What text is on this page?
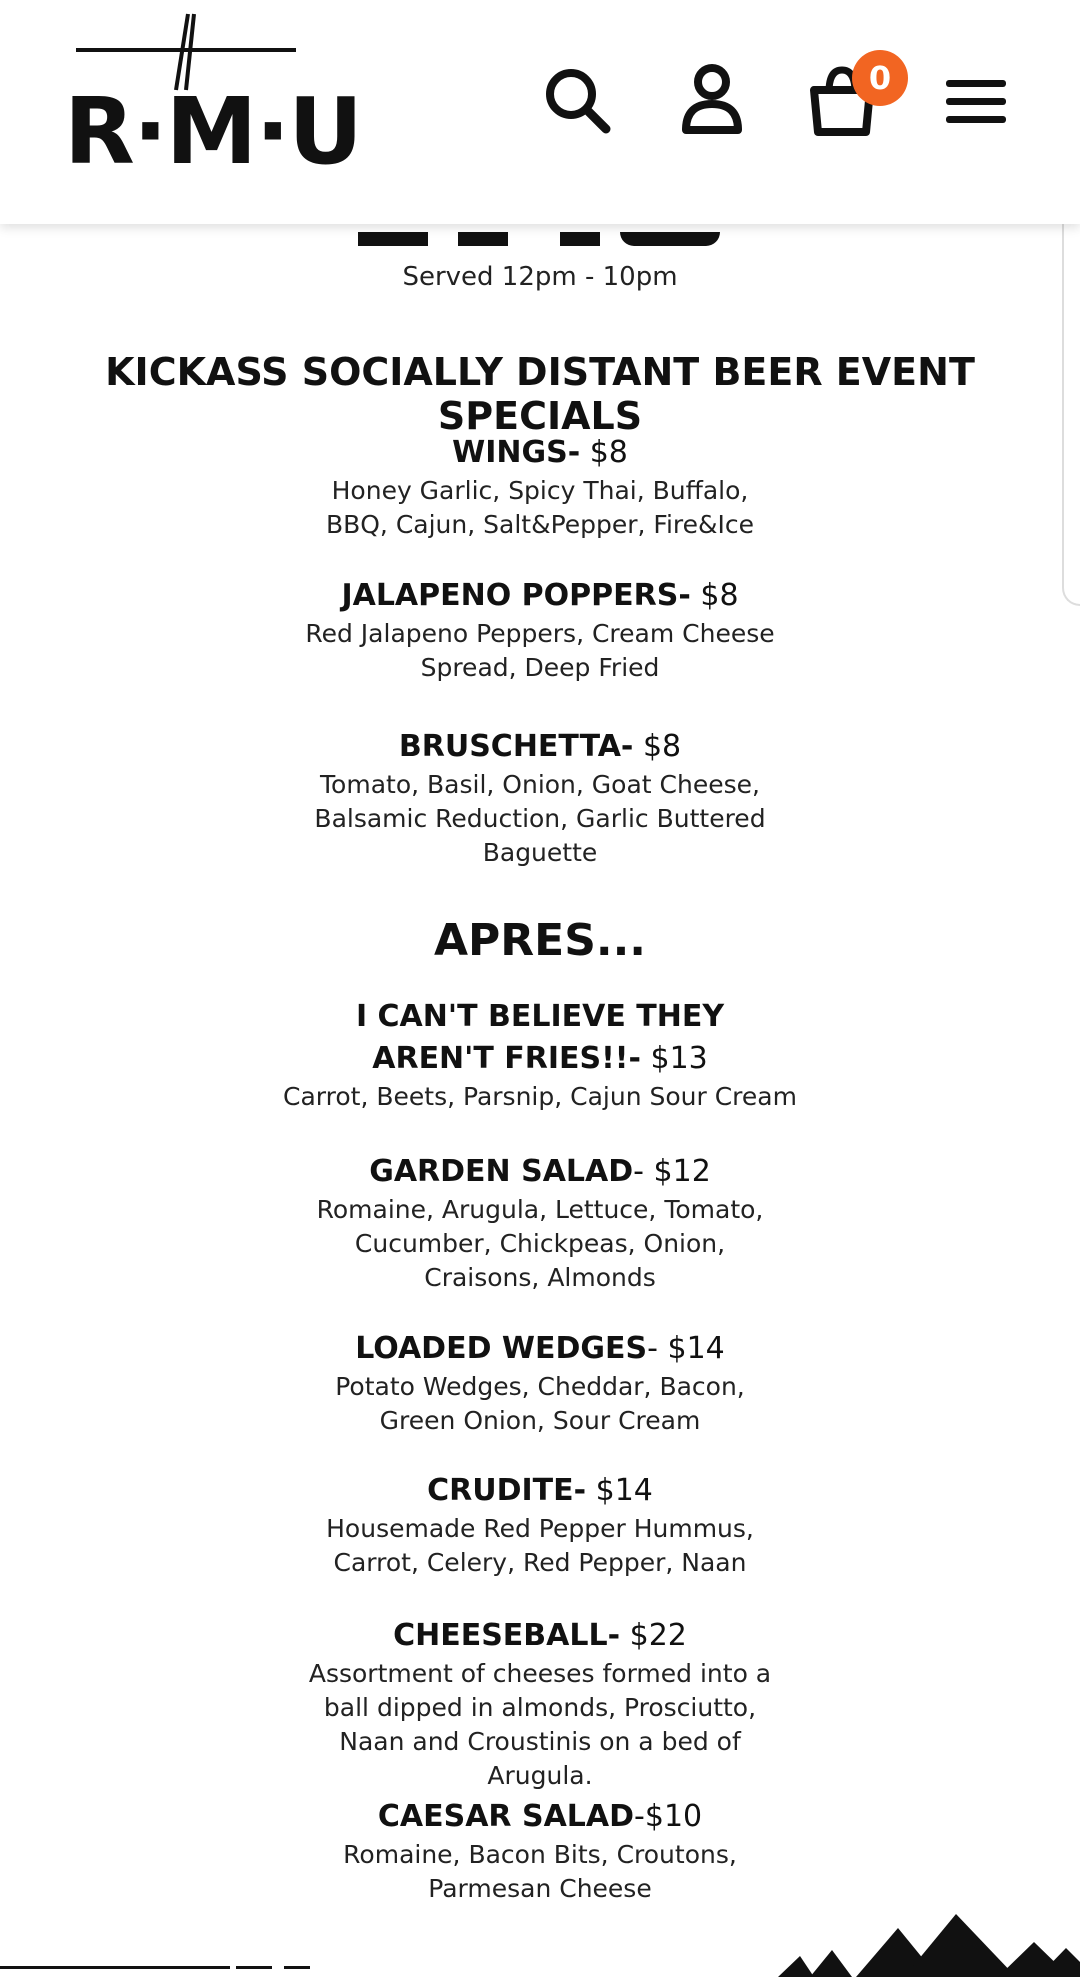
R·M·U	0
Served 12pm - 10pm
KICKASS SOCIALLY DISTANT BEER EVENT SPECIALS
WINGS- $8
Honey Garlic, Spicy Thai, Buffalo, BBQ, Cajun, Salt&Pepper, Fire&Ice
JALAPENO POPPERS- $8
Red Jalapeno Peppers, Cream Cheese Spread, Deep Fried
BRUSCHETTA- $8
Tomato, Basil, Onion, Goat Cheese, Balsamic Reduction, Garlic Buttered Baguette
APRES...
I CAN'T BELIEVE THEY AREN'T FRIES!!- $13
Carrot, Beets, Parsnip, Cajun Sour Cream
GARDEN SALAD- $12
Romaine, Arugula, Lettuce, Tomato, Cucumber, Chickpeas, Onion, Craisons, Almonds
LOADED WEDGES- $14
Potato Wedges, Cheddar, Bacon, Green Onion, Sour Cream
CRUDITE- $14
Housemade Red Pepper Hummus, Carrot, Celery, Red Pepper, Naan
CHEESEBALL- $22
Assortment of cheeses formed into a ball dipped in almonds, Prosciutto, Naan and Croustinis on a bed of Arugula.
CAESAR SALAD-$10
Romaine, Bacon Bits, Croutons, Parmesan Cheese
